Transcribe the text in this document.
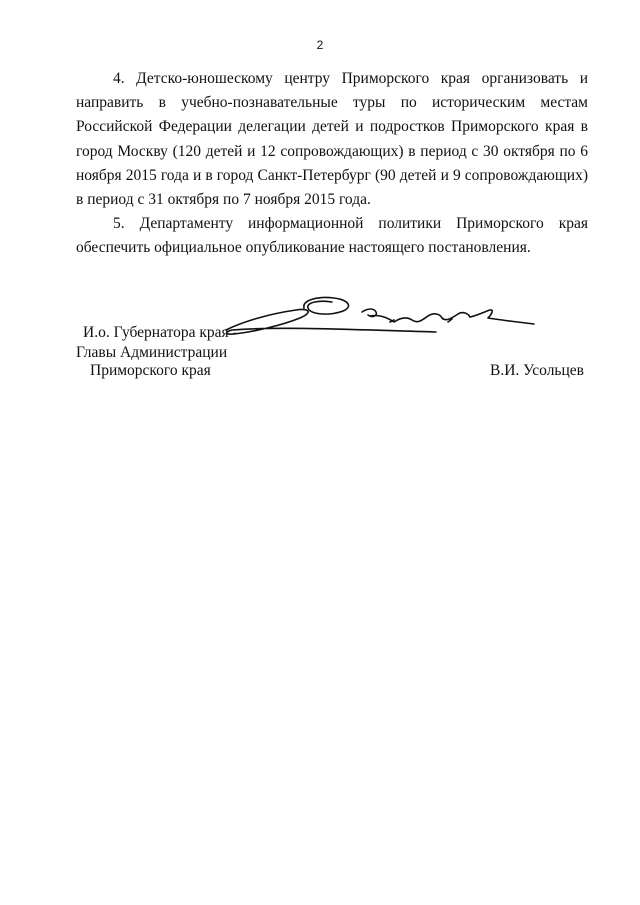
2

4. Детско-юношескому центру Приморского края организовать и направить в учебно-познавательные туры по историческим местам Российской Федерации делегации детей и подростков Приморского края в город Москву (120 детей и 12 сопровождающих) в период с 30 октября по 6 ноября 2015 года и в город Санкт-Петербург (90 детей и 9 сопровождающих) в период с 31 октября по 7 ноября 2015 года.

5. Департаменту информационной политики Приморского края обеспечить официальное опубликование настоящего постановления.

И.о. Губернатора края -
Главы Администрации
Приморского края	В.И. Усольцев
